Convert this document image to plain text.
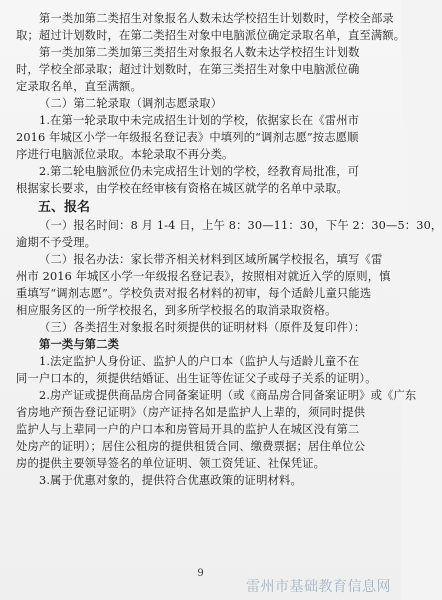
第一类加第二类招生对象报名人数未达学校招生计划数时，学校全部录
取；超过计划数时，在第二类招生对象中电脑派位确定录取名单，直至满额。
第一类加第二类加第三类招生对象报名人数未达学校招生计划数
时，学校全部录取；超过计划数时，在第三类招生对象中电脑派位确
定录取名单，直至满额。
（二）第二轮录取（调剂志愿录取）
1.在第一轮录取中未完成招生计划的学校，依据家长在《雷州市
2016 年城区小学一年级报名登记表》中填列的“调剂志愿”按志愿顺
序进行电脑派位录取。本轮录取不再分类。
2.第二轮电脑派位仍未完成招生计划的学校，经教育局批准，可
根据家长要求，由学校在经审核有资格在城区就学的名单中录取。
五、报名
（一）报名时间：8 月 1-4 日，上午 8：30—11：30，下午 2：30—5：30，
逾期不予受理。
（二）报名办法：家长带齐相关材料到区域所属学校报名，填写《雷
州市 2016 年城区小学一年级报名登记表》，按照相对就近入学的原则，慎
重填写“调剂志愿”。学校负责对报名材料的初审，每个适龄儿童只能选
相应服务区的一所学校报名，到多所学校报名的取消录取资格。
（三）各类招生对象报名时须提供的证明材料（原件及复印件）：
第一类与第二类
1.法定监护人身份证、监护人的户口本（监护人与适龄儿童不在
同一户口本的，须提供结婚证、出生证等佐证父子或母子关系的证明）。
2.房产证或提供商品房合同备案证明（或《商品房合同备案证明》或《广东
省房地产预告登记证明》（房产证持名如是监护人上辈的，须同时提供
监护人与上辈同一户的户口本和房管局开具的监护人在城区没有第二
处房产的证明）；居住公租房的提供租赁合同、缴费票据；居住单位公
房的提供主要领导签名的单位证明、领工资凭证、社保凭证。
3.属于优惠对象的，提供符合优惠政策的证明材料。
9
雷州市基础教育信息网
